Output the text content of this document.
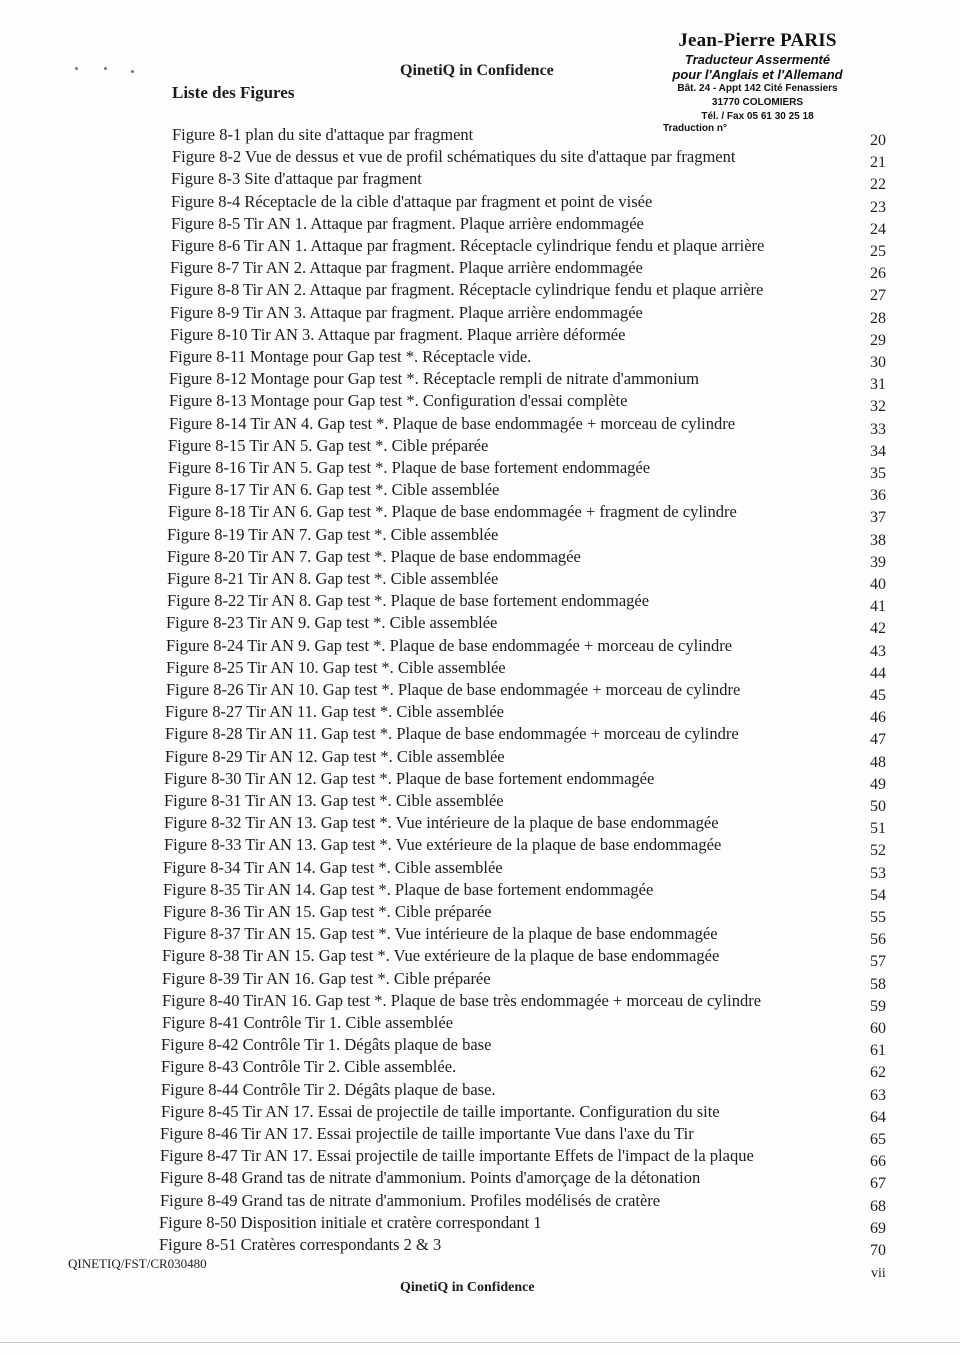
QinetiQ in Confidence
Liste des Figures
Jean-Pierre PARIS
Traducteur Assermenté
pour l'Anglais et l'Allemand
Bât. 24 - Appt 142 Cité Fenassiers
31770 COLOMIERS
Tél. / Fax 05 61 30 25 18
Traduction n°
Figure 8-1 plan du site d'attaque par fragment	20
Figure 8-2 Vue de dessus et vue de profil schématiques du site d'attaque par fragment	21
Figure 8-3 Site d'attaque par fragment	22
Figure 8-4 Réceptacle de la cible d'attaque par fragment et point de visée	23
Figure 8-5 Tir AN 1. Attaque par fragment. Plaque arrière endommagée	24
Figure 8-6 Tir AN 1. Attaque par fragment. Réceptacle cylindrique fendu et plaque arrière	25
Figure 8-7 Tir AN 2. Attaque par fragment. Plaque arrière endommagée	26
Figure 8-8 Tir AN 2. Attaque par fragment. Réceptacle cylindrique fendu et plaque arrière	27
Figure 8-9 Tir AN 3. Attaque par fragment. Plaque arrière endommagée	28
Figure 8-10 Tir AN 3. Attaque par fragment. Plaque arrière déformée	29
Figure 8-11 Montage pour Gap test *. Réceptacle vide.	30
Figure 8-12 Montage pour Gap test *. Réceptacle rempli de nitrate d'ammonium	31
Figure 8-13 Montage pour Gap test *. Configuration d'essai complète	32
Figure 8-14 Tir AN 4. Gap test *. Plaque de base endommagée + morceau de cylindre	33
Figure 8-15 Tir AN 5. Gap test *. Cible préparée	34
Figure 8-16 Tir AN 5. Gap test *. Plaque de base fortement endommagée	35
Figure 8-17 Tir AN 6. Gap test *. Cible assemblée	36
Figure 8-18 Tir AN 6. Gap test *. Plaque de base endommagée + fragment de cylindre	37
Figure 8-19 Tir AN 7. Gap test *. Cible assemblée	38
Figure 8-20 Tir AN 7. Gap test *. Plaque de base endommagée	39
Figure 8-21 Tir AN 8. Gap test *. Cible assemblée	40
Figure 8-22 Tir AN 8. Gap test *. Plaque de base fortement endommagée	41
Figure 8-23 Tir AN 9. Gap test *. Cible assemblée	42
Figure 8-24 Tir AN 9. Gap test *. Plaque de base endommagée + morceau de cylindre	43
Figure 8-25 Tir AN 10. Gap test *. Cible assemblée	44
Figure 8-26 Tir AN 10. Gap test *. Plaque de base endommagée + morceau de cylindre	45
Figure 8-27 Tir AN 11. Gap test *. Cible assemblée	46
Figure 8-28 Tir AN 11. Gap test *. Plaque de base endommagée + morceau de cylindre	47
Figure 8-29 Tir AN 12. Gap test *. Cible assemblée	48
Figure 8-30 Tir AN 12. Gap test *. Plaque de base fortement endommagée	49
Figure 8-31 Tir AN 13. Gap test *. Cible assemblée	50
Figure 8-32 Tir AN 13. Gap test *. Vue intérieure de la plaque de base endommagée	51
Figure 8-33 Tir AN 13. Gap test *. Vue extérieure de la plaque de base endommagée	52
Figure 8-34 Tir AN 14. Gap test *. Cible assemblée	53
Figure 8-35 Tir AN 14. Gap test *. Plaque de base fortement endommagée	54
Figure 8-36 Tir AN 15. Gap test *. Cible préparée	55
Figure 8-37 Tir AN 15. Gap test *. Vue intérieure de la plaque de base endommagée	56
Figure 8-38 Tir AN 15. Gap test *. Vue extérieure de la plaque de base endommagée	57
Figure 8-39 Tir AN 16. Gap test *. Cible préparée	58
Figure 8-40 TirAN 16. Gap test *. Plaque de base très endommagée + morceau de cylindre	59
Figure 8-41 Contrôle Tir 1. Cible assemblée	60
Figure 8-42 Contrôle Tir 1. Dégâts plaque de base	61
Figure 8-43 Contrôle Tir 2. Cible assemblée.	62
Figure 8-44 Contrôle Tir 2. Dégâts plaque de base.	63
Figure 8-45 Tir AN 17. Essai de projectile de taille importante. Configuration du site	64
Figure 8-46 Tir AN 17. Essai projectile de taille importante Vue dans l'axe du Tir	65
Figure 8-47 Tir AN 17. Essai projectile de taille importante Effets de l'impact de la plaque	66
Figure 8-48 Grand tas de nitrate d'ammonium. Points d'amorçage de la détonation	67
Figure 8-49 Grand tas de nitrate d'ammonium. Profiles modélisés de cratère	68
Figure 8-50 Disposition initiale et cratère correspondant 1	69
Figure 8-51 Cratères correspondants 2 & 3	70
QINETIQ/FST/CR030480
vii
QinetiQ in Confidence
